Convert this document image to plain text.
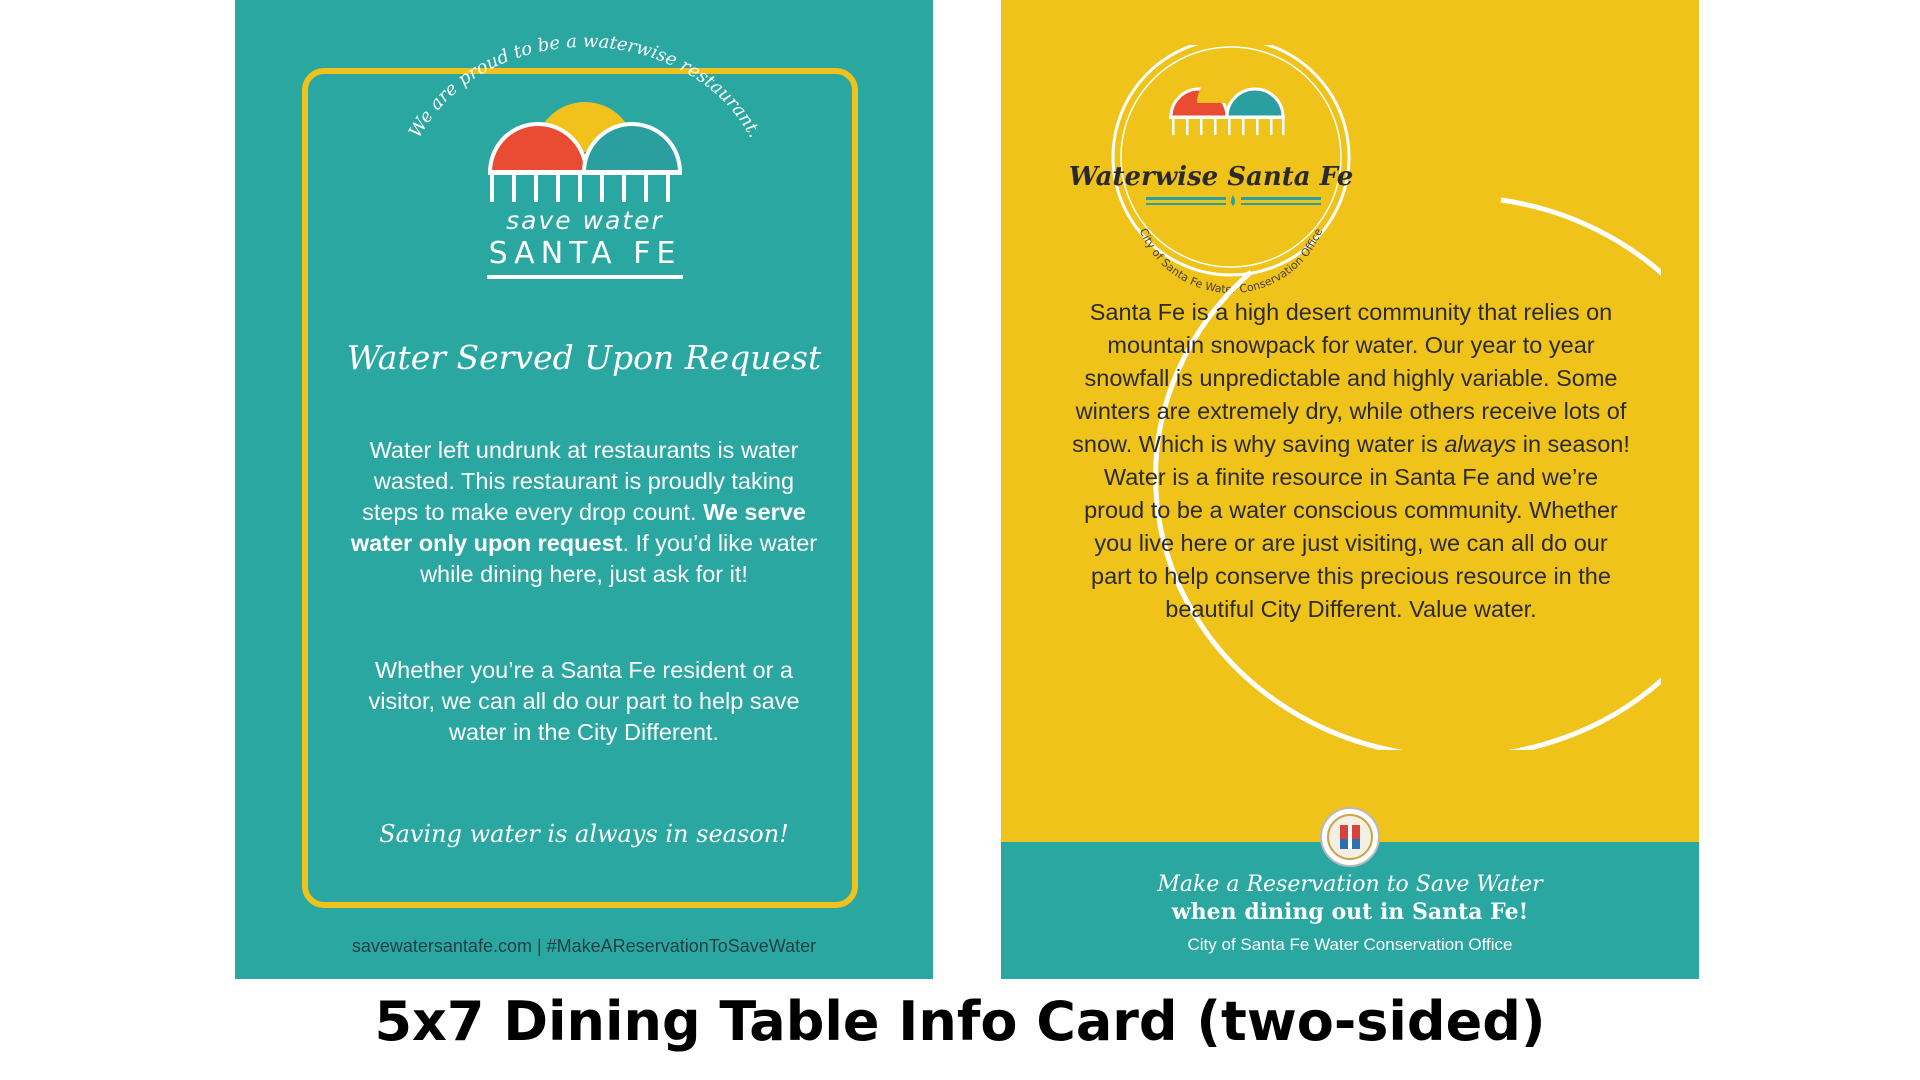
We are proud to be a waterwise restaurant.
save water
SANTA FE
Water Served Upon Request
Water left undrunk at restaurants is water wasted. This restaurant is proudly taking steps to make every drop count. We serve water only upon request. If you’d like water while dining here, just ask for it!
Whether you’re a Santa Fe resident or a visitor, we can all do our part to help save water in the City Different.
Saving water is always in season!
savewatersantafe.com | #MakeAReservationToSaveWater
City of Santa Fe Water Conservation Office
Waterwise Santa Fe
Santa Fe is a high desert community that relies on mountain snowpack for water. Our year to year snowfall is unpredictable and highly variable. Some winters are extremely dry, while others receive lots of snow. Which is why saving water is always in season! Water is a finite resource in Santa Fe and we’re proud to be a water conscious community. Whether you live here or are just visiting, we can all do our part to help conserve this precious resource in the beautiful City Different. Value water.
Make a Reservation to Save Water
when dining out in Santa Fe!
City of Santa Fe Water Conservation Office
5x7 Dining Table Info Card (two-sided)
